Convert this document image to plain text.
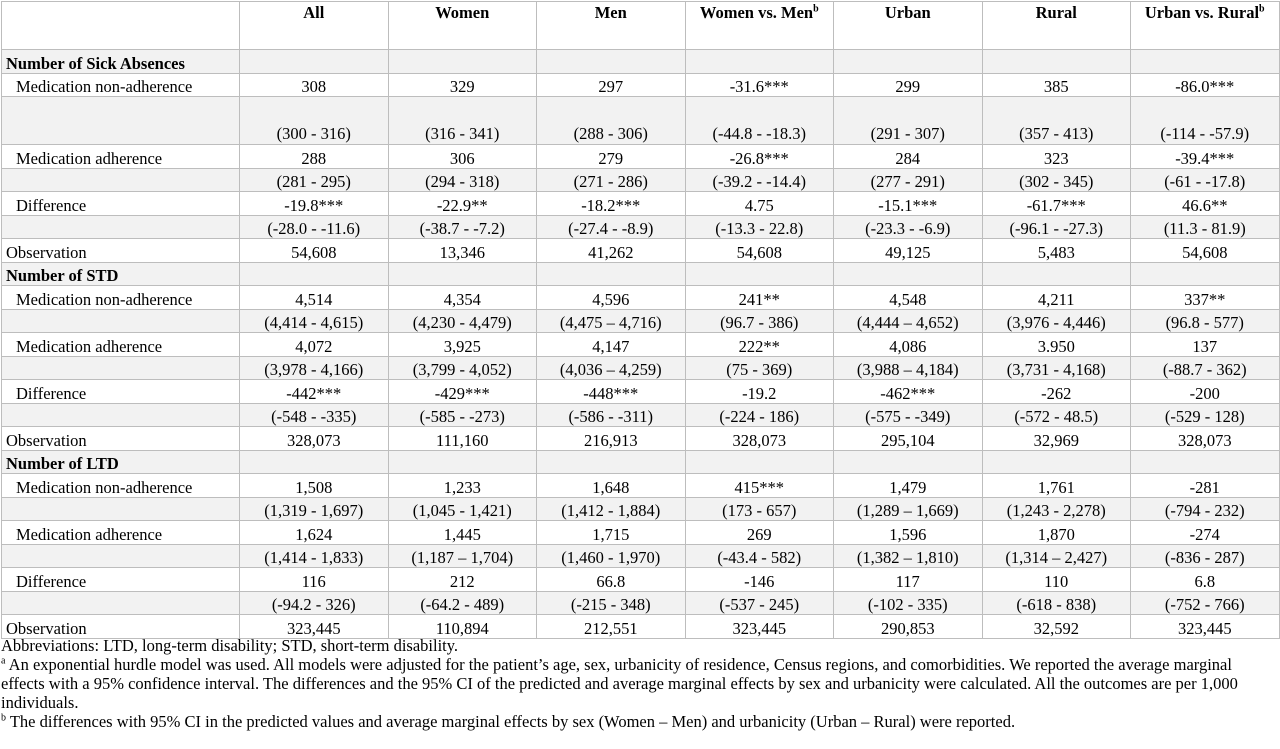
	All	Women	Men	Women vs. Men$^b$	Urban	Rural	Urban vs. Rural$^b$
Number of Sick Absences							
Medication non-adherence	308	329	297	-31.6***	299	385	-86.0***
	(300 - 316)	(316 - 341)	(288 - 306)	(-44.8 - -18.3)	(291 - 307)	(357 - 413)	(-114 - -57.9)
Medication adherence	288	306	279	-26.8***	284	323	-39.4***
	(281 - 295)	(294 - 318)	(271 - 286)	(-39.2 - -14.4)	(277 - 291)	(302 - 345)	(-61 - -17.8)
Difference	-19.8***	-22.9**	-18.2***	4.75	-15.1***	-61.7***	46.6**
	(-28.0 - -11.6)	(-38.7 - -7.2)	(-27.4 - -8.9)	(-13.3 - 22.8)	(-23.3 - -6.9)	(-96.1 - -27.3)	(11.3 - 81.9)
Observation	54,608	13,346	41,262	54,608	49,125	5,483	54,608
Number of STD							
Medication non-adherence	4,514	4,354	4,596	241**	4,548	4,211	337**
	(4,414 - 4,615)	(4,230 - 4,479)	(4,475 – 4,716)	(96.7 - 386)	(4,444 – 4,652)	(3,976 - 4,446)	(96.8 - 577)
Medication adherence	4,072	3,925	4,147	222**	4,086	3.950	137
	(3,978 - 4,166)	(3,799 - 4,052)	(4,036 – 4,259)	(75 - 369)	(3,988 – 4,184)	(3,731 - 4,168)	(-88.7 - 362)
Difference	-442***	-429***	-448***	-19.2	-462***	-262	-200
	(-548 - -335)	(-585 - -273)	(-586 - -311)	(-224 - 186)	(-575 - -349)	(-572 - 48.5)	(-529 - 128)
Observation	328,073	111,160	216,913	328,073	295,104	32,969	328,073
Number of LTD							
Medication non-adherence	1,508	1,233	1,648	415***	1,479	1,761	-281
	(1,319 - 1,697)	(1,045 - 1,421)	(1,412 - 1,884)	(173 - 657)	(1,289 – 1,669)	(1,243 - 2,278)	(-794 - 232)
Medication adherence	1,624	1,445	1,715	269	1,596	1,870	-274
	(1,414 - 1,833)	(1,187 – 1,704)	(1,460 - 1,970)	(-43.4 - 582)	(1,382 – 1,810)	(1,314 – 2,427)	(-836 - 287)
Difference	116	212	66.8	-146	117	110	6.8
	(-94.2 - 326)	(-64.2 - 489)	(-215 - 348)	(-537 - 245)	(-102 - 335)	(-618 - 838)	(-752 - 766)
Observation	323,445	110,894	212,551	323,445	290,853	32,592	323,445

Abbreviations: LTD, long-term disability; STD, short-term disability.

$^a$ An exponential hurdle model was used. All models were adjusted for the patient’s age, sex, urbanicity of residence, Census regions, and comorbidities. We reported the average marginal effects with a 95% confidence interval. The differences and the 95% CI of the predicted and average marginal effects by sex and urbanicity were calculated. All the outcomes are per 1,000 individuals.

$^b$ The differences with 95% CI in the predicted values and average marginal effects by sex (Women – Men) and urbanicity (Urban – Rural) were reported.
